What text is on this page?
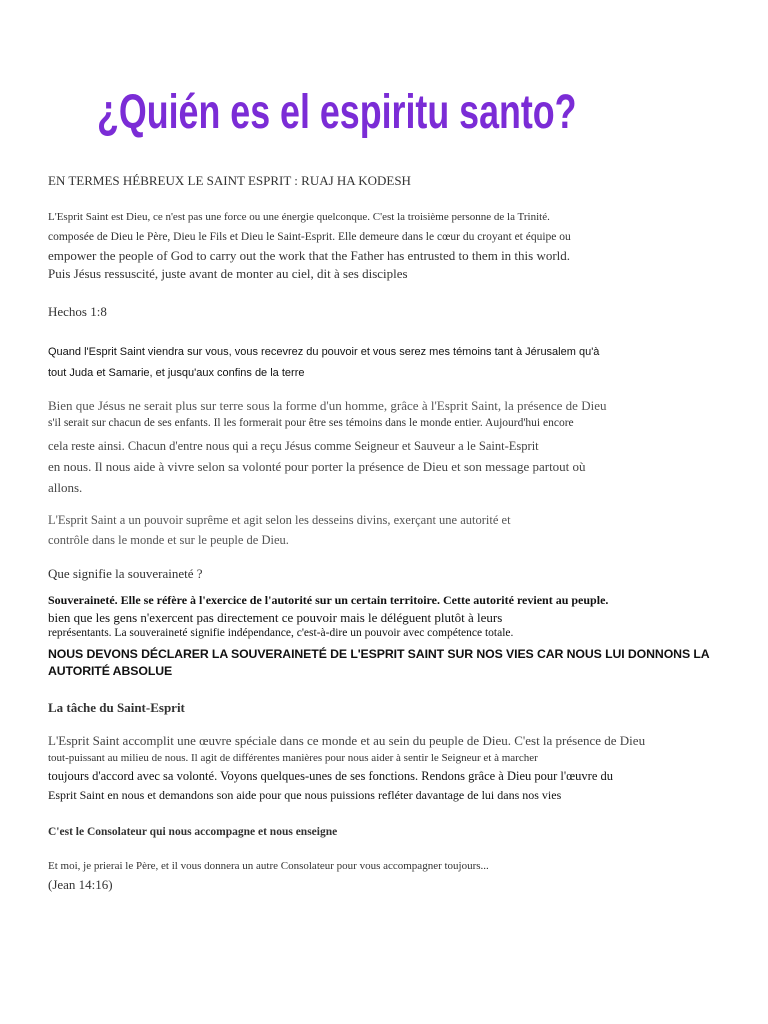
¿Quién es el espiritu santo?
EN TERMES HÉBREUX LE SAINT ESPRIT : RUAJ HA KODESH
L'Esprit Saint est Dieu, ce n'est pas une force ou une énergie quelconque. C'est la troisième personne de la Trinité.
composée de Dieu le Père, Dieu le Fils et Dieu le Saint-Esprit. Elle demeure dans le cœur du croyant et équipe ou
empower the people of God to carry out the work that the Father has entrusted to them in this world.
Puis Jésus ressuscité, juste avant de monter au ciel, dit à ses disciples
Hechos 1:8
Quand l'Esprit Saint viendra sur vous, vous recevrez du pouvoir et vous serez mes témoins tant à Jérusalem qu'à
tout Juda et Samarie, et jusqu'aux confins de la terre
Bien que Jésus ne serait plus sur terre sous la forme d'un homme, grâce à l'Esprit Saint, la présence de Dieu
s'il serait sur chacun de ses enfants. Il les formerait pour être ses témoins dans le monde entier. Aujourd'hui encore
cela reste ainsi. Chacun d'entre nous qui a reçu Jésus comme Seigneur et Sauveur a le Saint-Esprit
en nous. Il nous aide à vivre selon sa volonté pour porter la présence de Dieu et son message partout où
allons.
L'Esprit Saint a un pouvoir suprême et agit selon les desseins divins, exerçant une autorité et
contrôle dans le monde et sur le peuple de Dieu.
Que signifie la souveraineté ?
Souveraineté. Elle se réfère à l'exercice de l'autorité sur un certain territoire. Cette autorité revient au peuple.
bien que les gens n'exercent pas directement ce pouvoir mais le déléguent plutôt à leurs
représentants. La souveraineté signifie indépendance, c'est-à-dire un pouvoir avec compétence totale.
NOUS DEVONS DÉCLARER LA SOUVERAINETÉ DE L'ESPRIT SAINT SUR NOS VIES CAR NOUS LUI DONNONS LA
AUTORITÉ ABSOLUE
La tâche du Saint-Esprit
L'Esprit Saint accomplit une œuvre spéciale dans ce monde et au sein du peuple de Dieu. C'est la présence de Dieu
tout-puissant au milieu de nous. Il agit de différentes manières pour nous aider à sentir le Seigneur et à marcher
toujours d'accord avec sa volonté. Voyons quelques-unes de ses fonctions. Rendons grâce à Dieu pour l'œuvre du
Esprit Saint en nous et demandons son aide pour que nous puissions refléter davantage de lui dans nos vies
C'est le Consolateur qui nous accompagne et nous enseigne
Et moi, je prierai le Père, et il vous donnera un autre Consolateur pour vous accompagner toujours...
(Jean 14:16)
